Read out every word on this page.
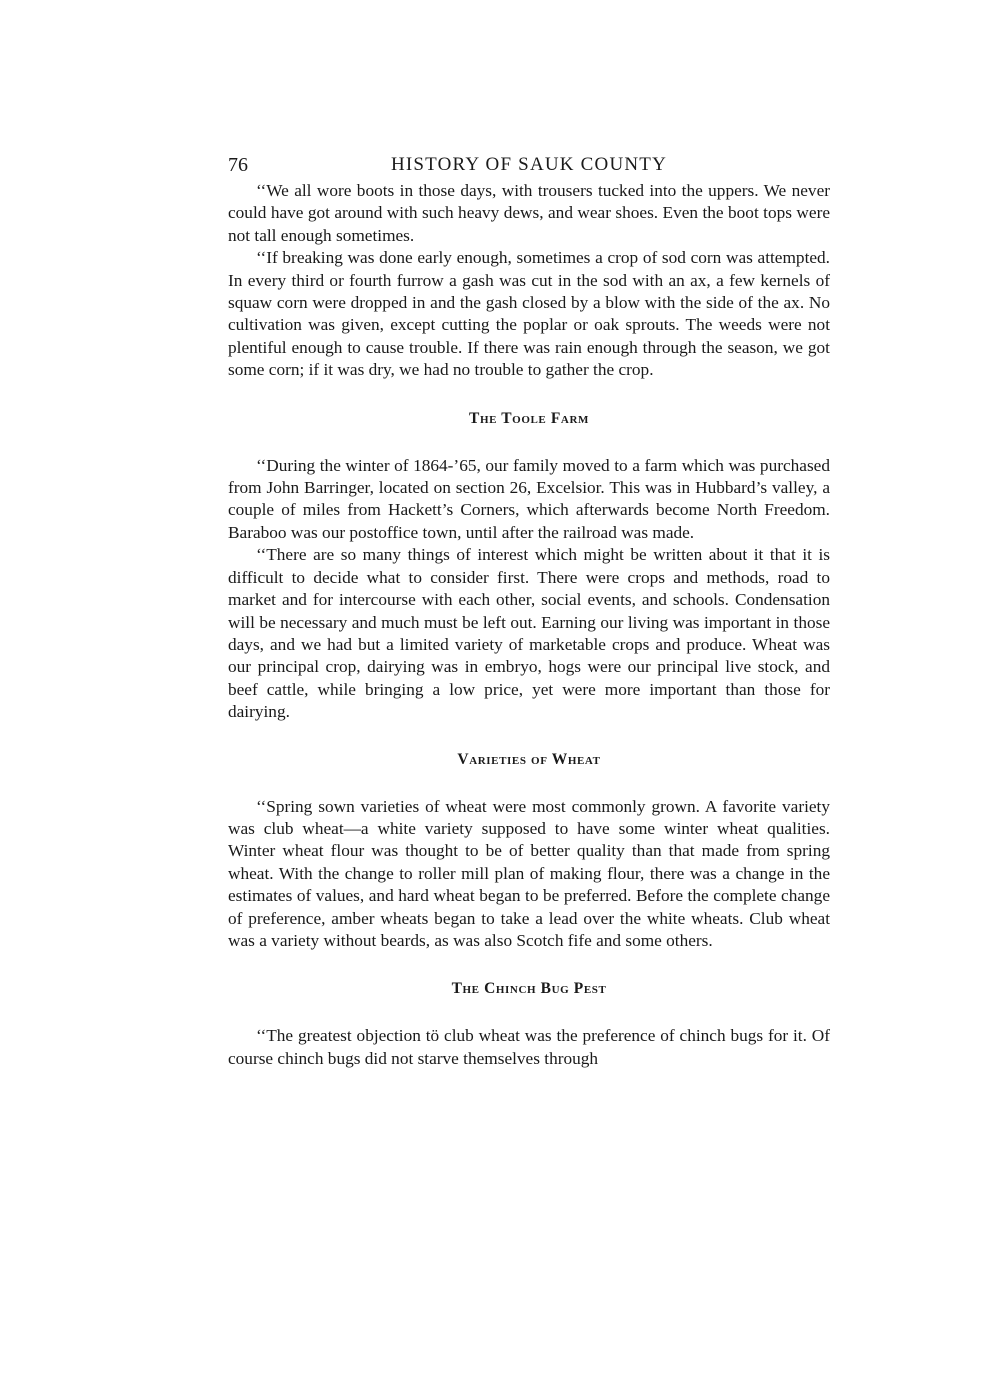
76	HISTORY OF SAUK COUNTY

‘‘We all wore boots in those days, with trousers tucked into the uppers. We never could have got around with such heavy dews, and wear shoes. Even the boot tops were not tall enough sometimes.

‘‘If breaking was done early enough, sometimes a crop of sod corn was attempted. In every third or fourth furrow a gash was cut in the sod with an ax, a few kernels of squaw corn were dropped in and the gash closed by a blow with the side of the ax. No cultivation was given, except cutting the poplar or oak sprouts. The weeds were not plentiful enough to cause trouble. If there was rain enough through the season, we got some corn; if it was dry, we had no trouble to gather the crop.

The Toole Farm

‘‘During the winter of 1864-’65, our family moved to a farm which was purchased from John Barringer, located on section 26, Excelsior. This was in Hubbard’s valley, a couple of miles from Hackett’s Corners, which afterwards become North Freedom. Baraboo was our postoffice town, until after the railroad was made.

‘‘There are so many things of interest which might be written about it that it is difficult to decide what to consider first. There were crops and methods, road to market and for intercourse with each other, social events, and schools. Condensation will be necessary and much must be left out. Earning our living was important in those days, and we had but a limited variety of marketable crops and produce. Wheat was our principal crop, dairying was in embryo, hogs were our principal live stock, and beef cattle, while bringing a low price, yet were more important than those for dairying.

Varieties of Wheat

‘‘Spring sown varieties of wheat were most commonly grown. A favorite variety was club wheat—a white variety supposed to have some winter wheat qualities. Winter wheat flour was thought to be of better quality than that made from spring wheat. With the change to roller mill plan of making flour, there was a change in the estimates of values, and hard wheat began to be preferred. Before the complete change of preference, amber wheats began to take a lead over the white wheats. Club wheat was a variety without beards, as was also Scotch fife and some others.

The Chinch Bug Pest

‘‘The greatest objection tö club wheat was the preference of chinch bugs for it. Of course chinch bugs did not starve themselves through
